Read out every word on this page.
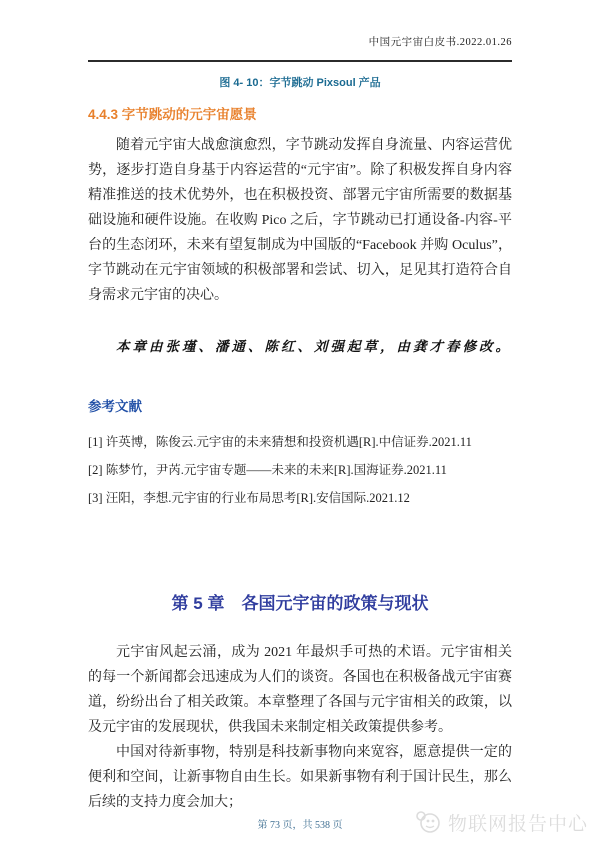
中国元宇宙白皮书.2022.01.26
图 4- 10：字节跳动 Pixsoul 产品
4.4.3 字节跳动的元宇宙愿景

随着元宇宙大战愈演愈烈，字节跳动发挥自身流量、内容运营优势，逐步打造自身基于内容运营的“元宇宙”。除了积极发挥自身内容精准推送的技术优势外，也在积极投资、部署元宇宙所需要的数据基础设施和硬件设施。在收购 Pico 之后，字节跳动已打通设备-内容-平台的生态闭环，未来有望复制成为中国版的“Facebook 并购 Oculus”，字节跳动在元宇宙领域的积极部署和尝试、切入，足见其打造符合自身需求元宇宙的决心。

本章由张瑾、潘通、陈红、刘强起草，由龚才春修改。

参考文献

[1] 许英博，陈俊云.元宇宙的未来猜想和投资机遇[R].中信证券.2021.11

[2] 陈梦竹，尹芮.元宇宙专题——未来的未来[R].国海证券.2021.11

[3] 汪阳，李想.元宇宙的行业布局思考[R].安信国际.2021.12

第 5 章　各国元宇宙的政策与现状

元宇宙风起云涌，成为 2021 年最炽手可热的术语。元宇宙相关的每一个新闻都会迅速成为人们的谈资。各国也在积极备战元宇宙赛道，纷纷出台了相关政策。本章整理了各国与元宇宙相关的政策，以及元宇宙的发展现状，供我国未来制定相关政策提供参考。

中国对待新事物，特别是科技新事物向来宽容，愿意提供一定的便利和空间，让新事物自由生长。如果新事物有利于国计民生，那么后续的支持力度会加大；

第 73 页，共 538 页	物联网报告中心
